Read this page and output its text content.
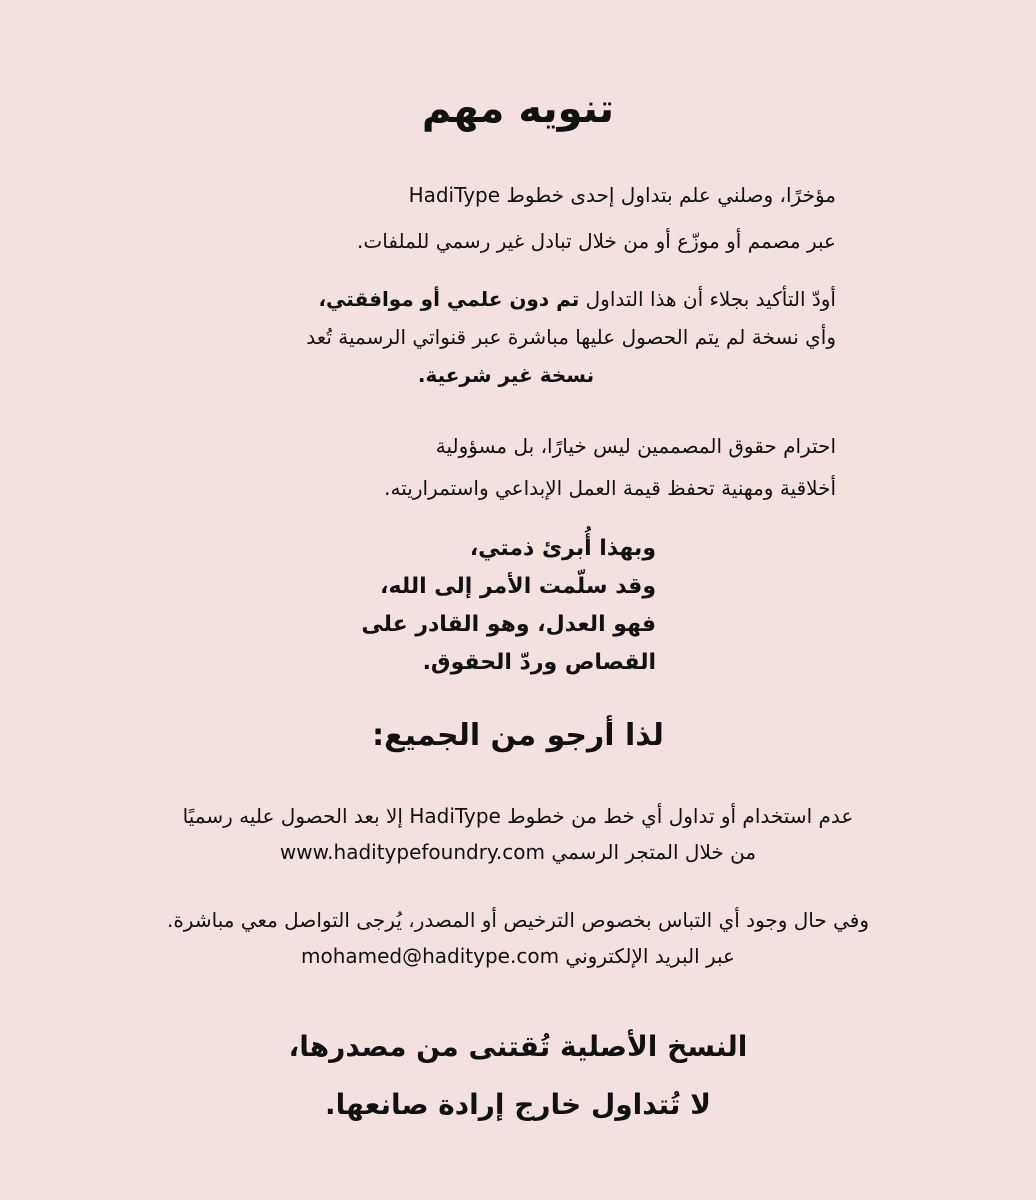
تنويه مهم
مؤخرًا، وصلني علم بتداول إحدى خطوط HadiType
عبر مصمم أو موزّع أو من خلال تبادل غير رسمي للملفات.
أودّ التأكيد بجلاء أن هذا التداول تم دون علمي أو موافقتي،
وأي نسخة لم يتم الحصول عليها مباشرة عبر قنواتي الرسمية تُعد
نسخة غير شرعية.
احترام حقوق المصممين ليس خيارًا، بل مسؤولية
أخلاقية ومهنية تحفظ قيمة العمل الإبداعي واستمراريته.
وبهذا أُبرئ ذمتي،
وقد سلّمت الأمر إلى الله،
فهو العدل، وهو القادر على
القصاص وردّ الحقوق.
لذا أرجو من الجميع:
عدم استخدام أو تداول أي خط من خطوط HadiType إلا بعد الحصول عليه رسميًا
من خلال المتجر الرسمي www.haditypefoundry.com
وفي حال وجود أي التباس بخصوص الترخيص أو المصدر، يُرجى التواصل معي مباشرة.
عبر البريد الإلكتروني mohamed@haditype.com
النسخ الأصلية تُقتنى من مصدرها،
لا تُتداول خارج إرادة صانعها.
